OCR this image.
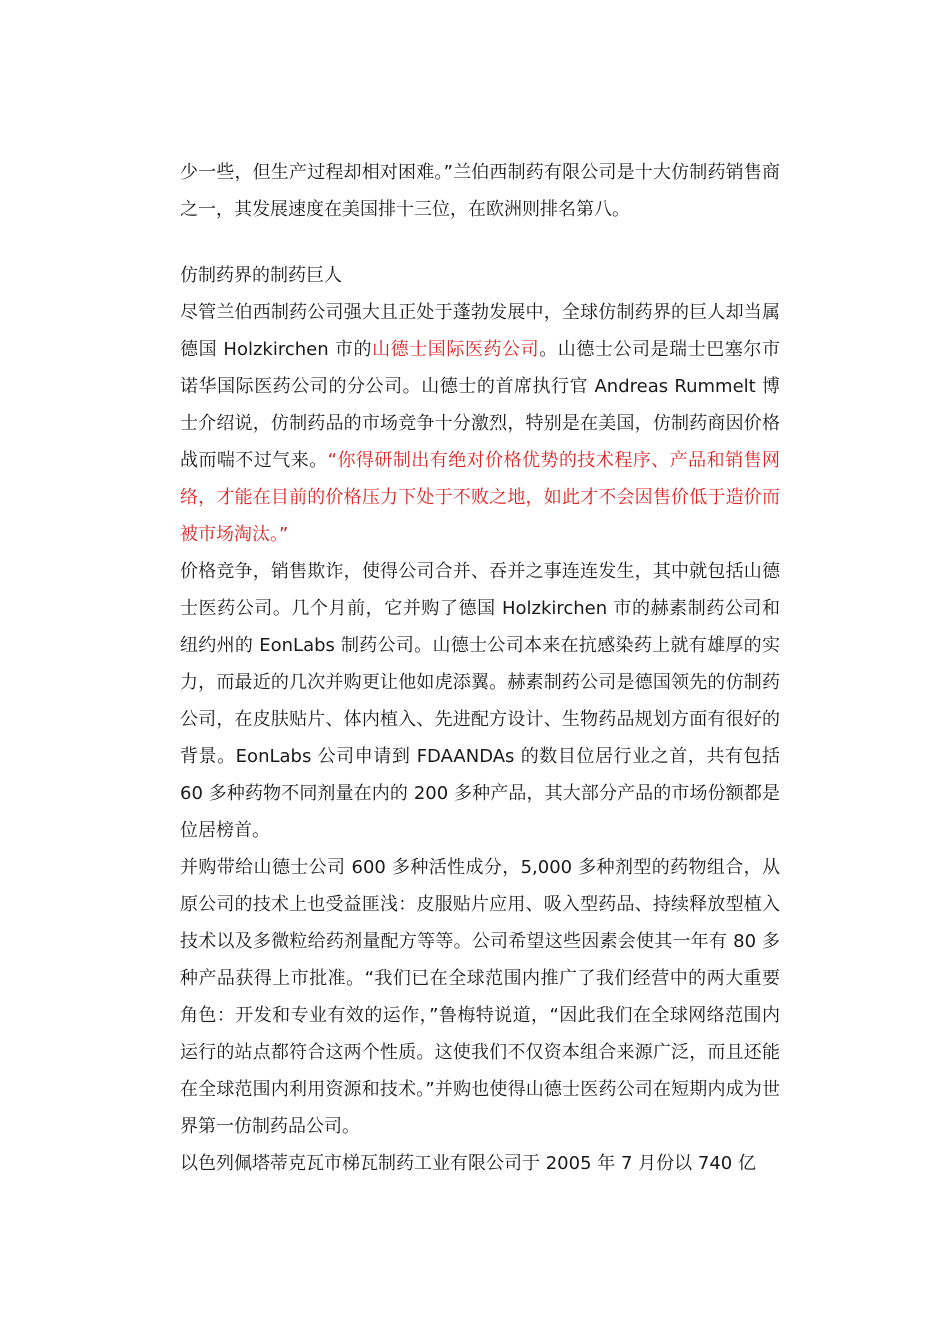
少一些，但生产过程却相对困难。”兰伯西制药有限公司是十大仿制药销售商之一，其发展速度在美国排十三位，在欧洲则排名第八。

仿制药界的制药巨人

尽管兰伯西制药公司强大且正处于蓬勃发展中，全球仿制药界的巨人却当属德国 Holzkirchen 市的山德士国际医药公司。山德士公司是瑞士巴塞尔市诺华国际医药公司的分公司。山德士的首席执行官 Andreas Rummelt 博士介绍说，仿制药品的市场竞争十分激烈，特别是在美国，仿制药商因价格战而喘不过气来。“你得研制出有绝对价格优势的技术程序、产品和销售网络，才能在目前的价格压力下处于不败之地，如此才不会因售价低于造价而被市场淘汰。”

价格竞争，销售欺诈，使得公司合并、吞并之事连连发生，其中就包括山德士医药公司。几个月前，它并购了德国 Holzkirchen 市的赫素制药公司和纽约州的 EonLabs 制药公司。山德士公司本来在抗感染药上就有雄厚的实力，而最近的几次并购更让他如虎添翼。赫素制药公司是德国领先的仿制药公司，在皮肤贴片、体内植入、先进配方设计、生物药品规划方面有很好的背景。EonLabs 公司申请到 FDAANDAs 的数目位居行业之首，共有包括 60 多种药物不同剂量在内的 200 多种产品，其大部分产品的市场份额都是位居榜首。

并购带给山德士公司 600 多种活性成分，5,000 多种剂型的药物组合，从原公司的技术上也受益匪浅：皮服贴片应用、吸入型药品、持续释放型植入技术以及多微粒给药剂量配方等等。公司希望这些因素会使其一年有 80 多种产品获得上市批准。“我们已在全球范围内推广了我们经营中的两大重要角色：开发和专业有效的运作，”鲁梅特说道，“因此我们在全球网络范围内运行的站点都符合这两个性质。这使我们不仅资本组合来源广泛，而且还能在全球范围内利用资源和技术。”并购也使得山德士医药公司在短期内成为世界第一仿制药品公司。

以色列佩塔蒂克瓦市梯瓦制药工业有限公司于 2005 年 7 月份以 740 亿
